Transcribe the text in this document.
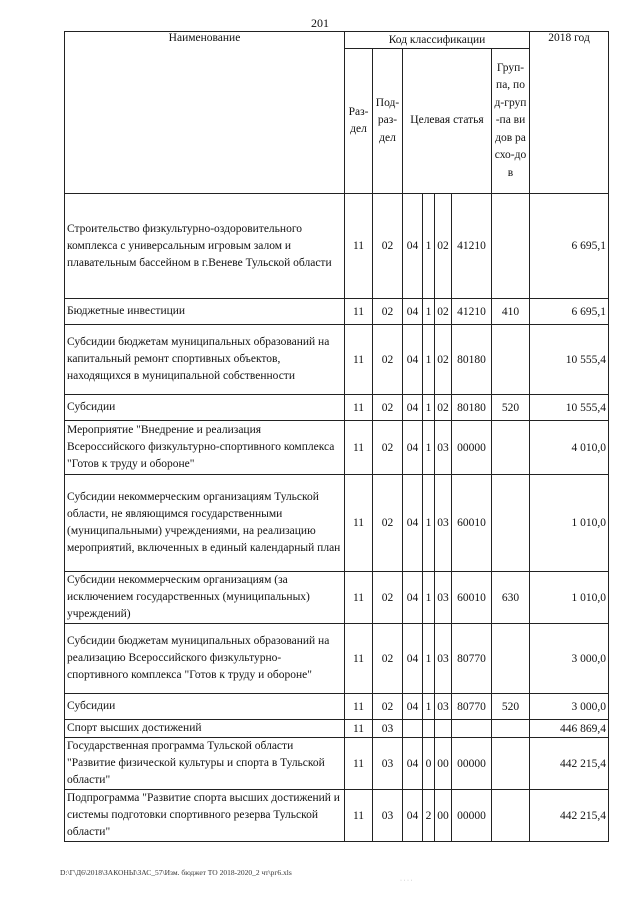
201
Наименование	Код классификации							2018 год
	Раз-дел	Под-раз-дел	Целевая статья				Груп-па, под-груп-па видов расхо-дов	
Строительство физкультурно-оздоровительного комплекса с универсальным игровым залом и плавательным бассейном в г.Веневе Тульской области	11	02	04	1	02	41210		6 695,1
Бюджетные инвестиции	11	02	04	1	02	41210	410	6 695,1
Субсидии бюджетам муниципальных образований на капитальный ремонт спортивных объектов, находящихся в муниципальной собственности	11	02	04	1	02	80180		10 555,4
Субсидии	11	02	04	1	02	80180	520	10 555,4
Мероприятие "Внедрение и реализация Всероссийского физкультурно-спортивного комплекса "Готов к труду и обороне"	11	02	04	1	03	00000		4 010,0
Субсидии некоммерческим организациям Тульской области, не являющимся государственными (муниципальными) учреждениями, на реализацию мероприятий, включенных в единый календарный план	11	02	04	1	03	60010		1 010,0
Субсидии некоммерческим организациям (за исключением государственных (муниципальных) учреждений)	11	02	04	1	03	60010	630	1 010,0
Субсидии бюджетам муниципальных образований на реализацию Всероссийского физкультурно-спортивного комплекса "Готов к труду и обороне"	11	02	04	1	03	80770		3 000,0
Субсидии	11	02	04	1	03	80770	520	3 000,0
Спорт высших достижений	11	03						446 869,4
Государственная программа Тульской области "Развитие физической культуры и спорта в Тульской области"	11	03	04	0	00	00000		442 215,4
Подпрограмма "Развитие спорта высших достижений и системы подготовки спортивного резерва Тульской области"	11	03	04	2	00	00000		442 215,4
D:\Г\Д6\2018\ЗАКОНЫ\ЗАС_57\Изм. бюджет ТО 2018-2020_2 чт\рг6.xls
· · · ·
